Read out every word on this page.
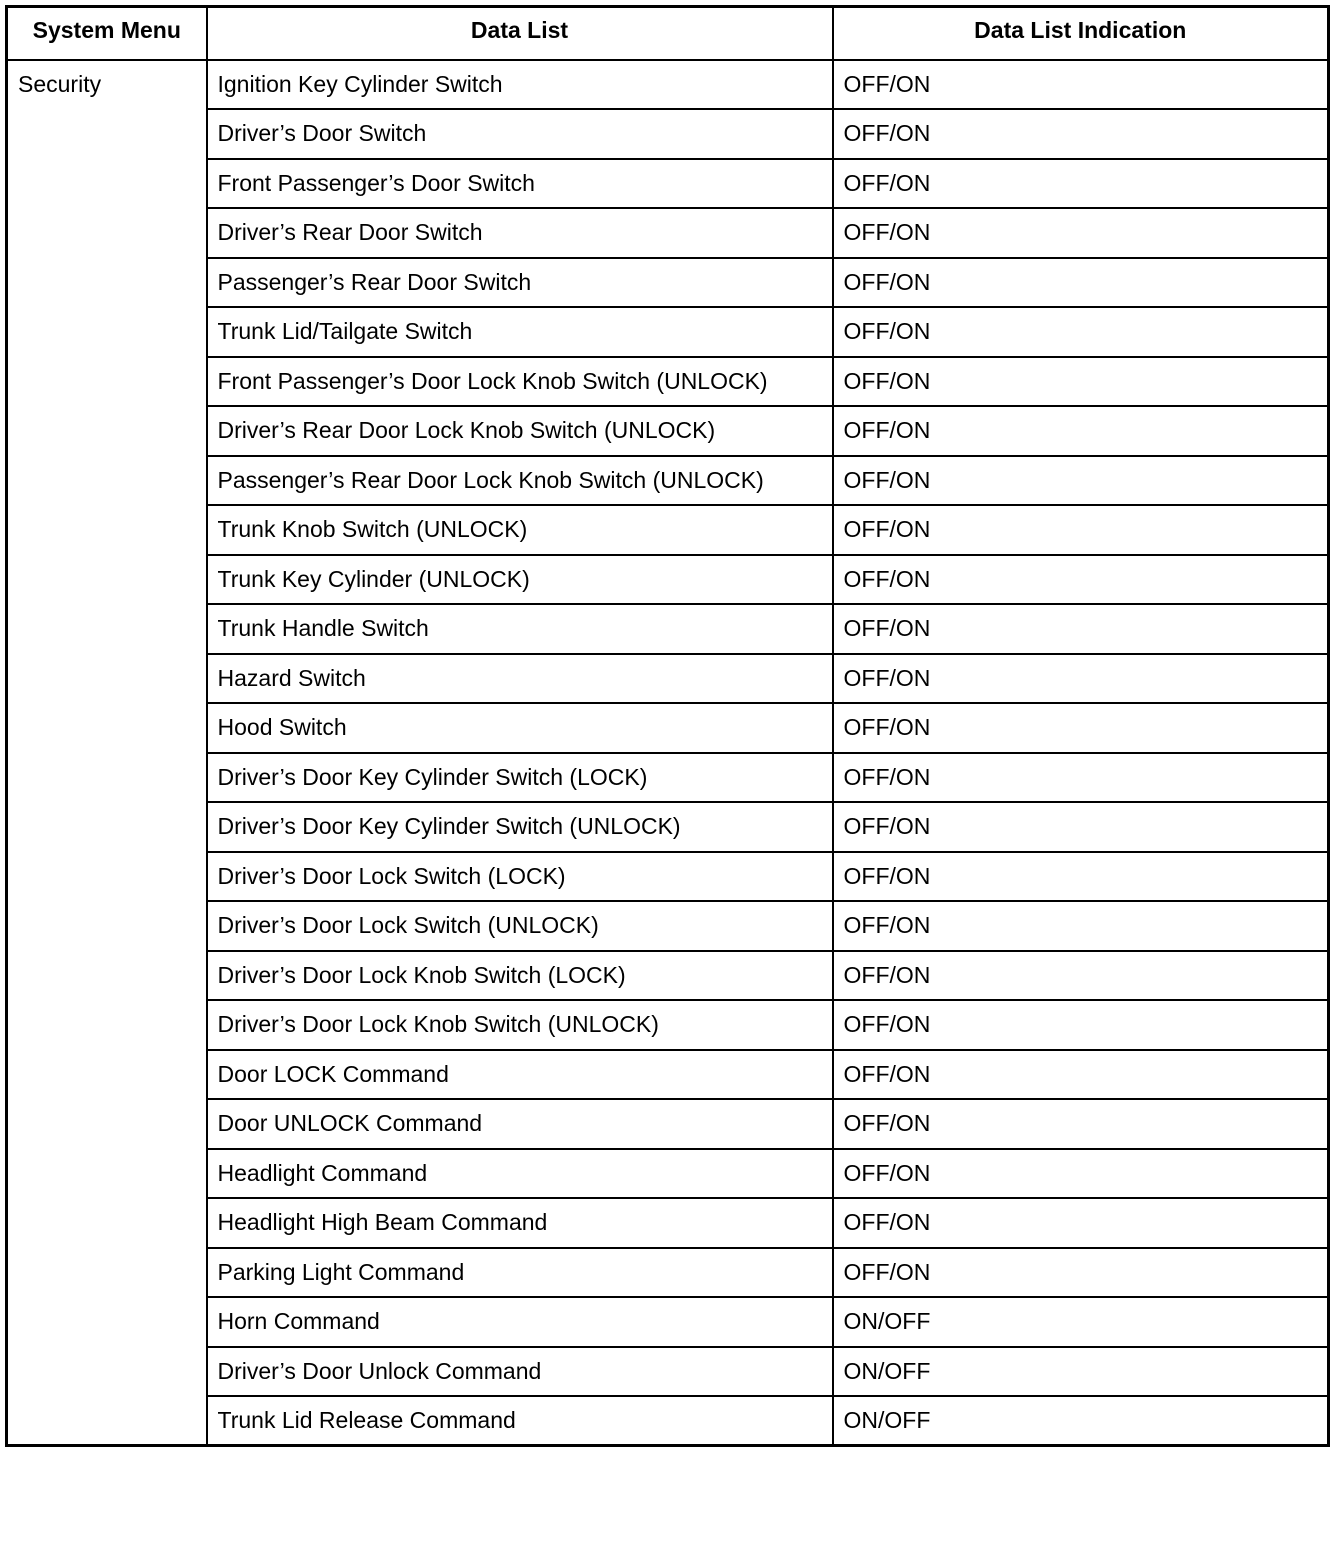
System Menu	Data List	Data List Indication
Security	Ignition Key Cylinder Switch	OFF/ON
	Driver’s Door Switch	OFF/ON
	Front Passenger’s Door Switch	OFF/ON
	Driver’s Rear Door Switch	OFF/ON
	Passenger’s Rear Door Switch	OFF/ON
	Trunk Lid/Tailgate Switch	OFF/ON
	Front Passenger’s Door Lock Knob Switch (UNLOCK)	OFF/ON
	Driver’s Rear Door Lock Knob Switch (UNLOCK)	OFF/ON
	Passenger’s Rear Door Lock Knob Switch (UNLOCK)	OFF/ON
	Trunk Knob Switch (UNLOCK)	OFF/ON
	Trunk Key Cylinder (UNLOCK)	OFF/ON
	Trunk Handle Switch	OFF/ON
	Hazard Switch	OFF/ON
	Hood Switch	OFF/ON
	Driver’s Door Key Cylinder Switch (LOCK)	OFF/ON
	Driver’s Door Key Cylinder Switch (UNLOCK)	OFF/ON
	Driver’s Door Lock Switch (LOCK)	OFF/ON
	Driver’s Door Lock Switch (UNLOCK)	OFF/ON
	Driver’s Door Lock Knob Switch (LOCK)	OFF/ON
	Driver’s Door Lock Knob Switch (UNLOCK)	OFF/ON
	Door LOCK Command	OFF/ON
	Door UNLOCK Command	OFF/ON
	Headlight Command	OFF/ON
	Headlight High Beam Command	OFF/ON
	Parking Light Command	OFF/ON
	Horn Command	ON/OFF
	Driver’s Door Unlock Command	ON/OFF
	Trunk Lid Release Command	ON/OFF
